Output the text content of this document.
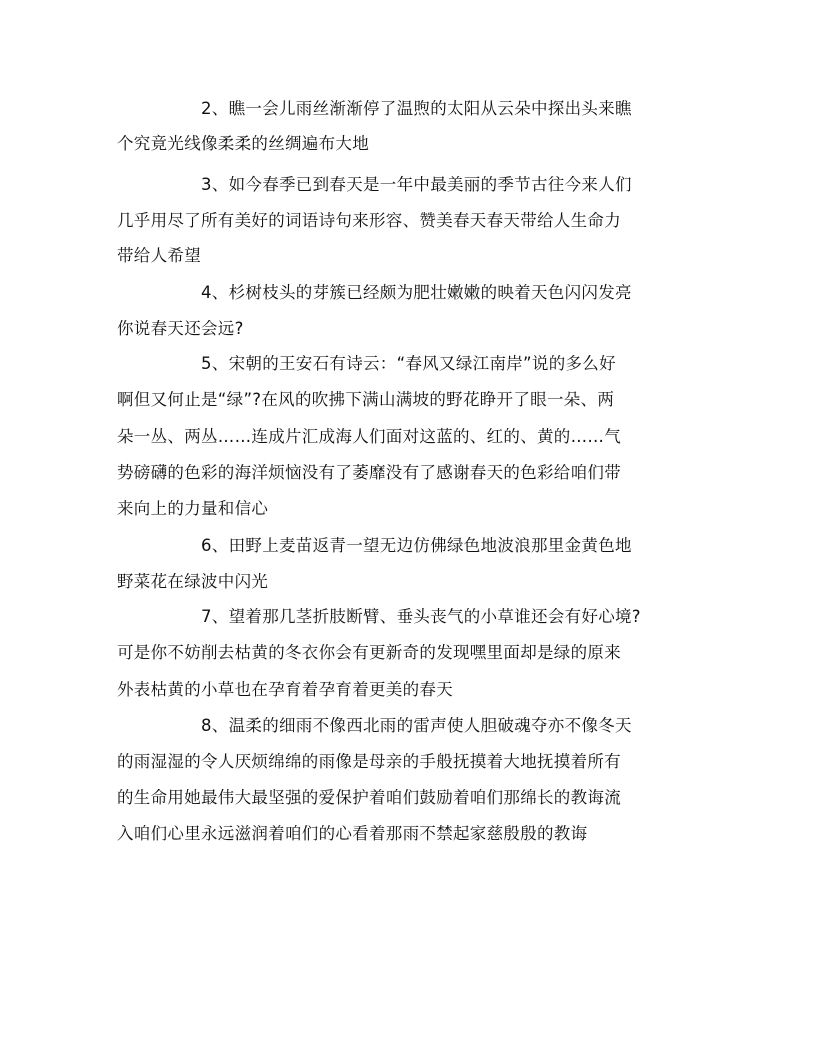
2、瞧一会儿雨丝渐渐停了温煦的太阳从云朵中探出头来瞧
个究竟光线像柔柔的丝绸遍布大地
3、如今春季已到春天是一年中最美丽的季节古往今来人们
几乎用尽了所有美好的词语诗句来形容、赞美春天春天带给人生命力
带给人希望
4、杉树枝头的芽簇已经颇为肥壮嫩嫩的映着天色闪闪发亮
你说春天还会远?
5、宋朝的王安石有诗云：“春风又绿江南岸”说的多么好
啊但又何止是“绿”?在风的吹拂下满山满坡的野花睁开了眼一朵、两
朵一丛、两丛……连成片汇成海人们面对这蓝的、红的、黄的……气
势磅礴的色彩的海洋烦恼没有了萎靡没有了感谢春天的色彩给咱们带
来向上的力量和信心
6、田野上麦苗返青一望无边仿佛绿色地波浪那里金黄色地
野菜花在绿波中闪光
7、望着那几茎折肢断臂、垂头丧气的小草谁还会有好心境?
可是你不妨削去枯黄的冬衣你会有更新奇的发现嘿里面却是绿的原来
外表枯黄的小草也在孕育着孕育着更美的春天
8、温柔的细雨不像西北雨的雷声使人胆破魂夺亦不像冬天
的雨湿湿的令人厌烦绵绵的雨像是母亲的手般抚摸着大地抚摸着所有
的生命用她最伟大最坚强的爱保护着咱们鼓励着咱们那绵长的教诲流
入咱们心里永远滋润着咱们的心看着那雨不禁起家慈殷殷的教诲
